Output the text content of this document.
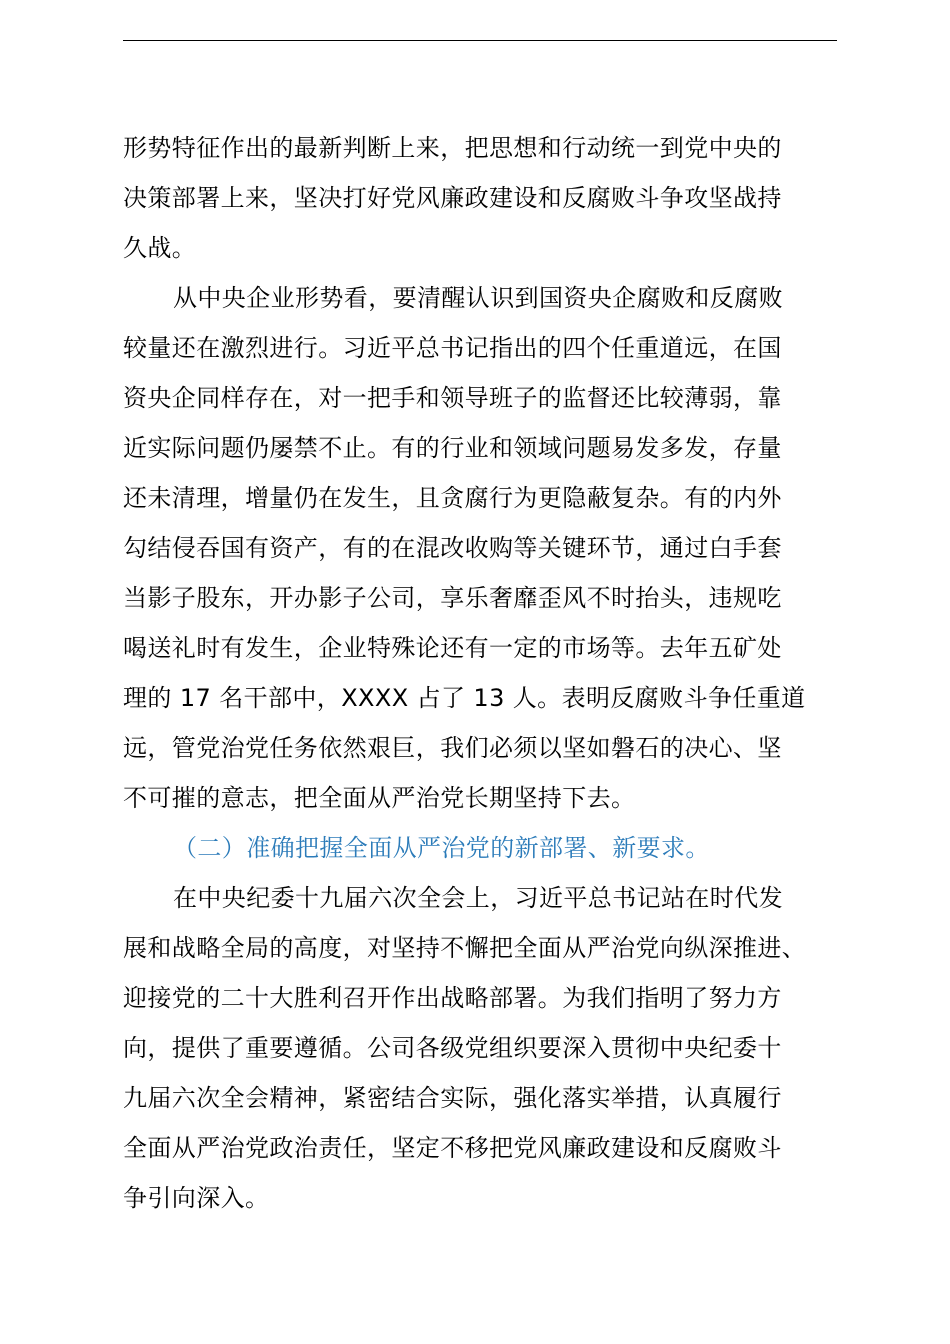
形势特征作出的最新判断上来，把思想和行动统一到党中央的
决策部署上来，坚决打好党风廉政建设和反腐败斗争攻坚战持
久战。
从中央企业形势看，要清醒认识到国资央企腐败和反腐败
较量还在激烈进行。习近平总书记指出的四个任重道远，在国
资央企同样存在，对一把手和领导班子的监督还比较薄弱，靠
近实际问题仍屡禁不止。有的行业和领域问题易发多发，存量
还未清理，增量仍在发生，且贪腐行为更隐蔽复杂。有的内外
勾结侵吞国有资产，有的在混改收购等关键环节，通过白手套
当影子股东，开办影子公司，享乐奢靡歪风不时抬头，违规吃
喝送礼时有发生，企业特殊论还有一定的市场等。去年五矿处
理的 17 名干部中，XXXX 占了 13 人。表明反腐败斗争任重道
远，管党治党任务依然艰巨，我们必须以坚如磐石的决心、坚
不可摧的意志，把全面从严治党长期坚持下去。
（二）准确把握全面从严治党的新部署、新要求。
在中央纪委十九届六次全会上，习近平总书记站在时代发
展和战略全局的高度，对坚持不懈把全面从严治党向纵深推进、
迎接党的二十大胜利召开作出战略部署。为我们指明了努力方
向，提供了重要遵循。公司各级党组织要深入贯彻中央纪委十
九届六次全会精神，紧密结合实际，强化落实举措，认真履行
全面从严治党政治责任，坚定不移把党风廉政建设和反腐败斗
争引向深入。
